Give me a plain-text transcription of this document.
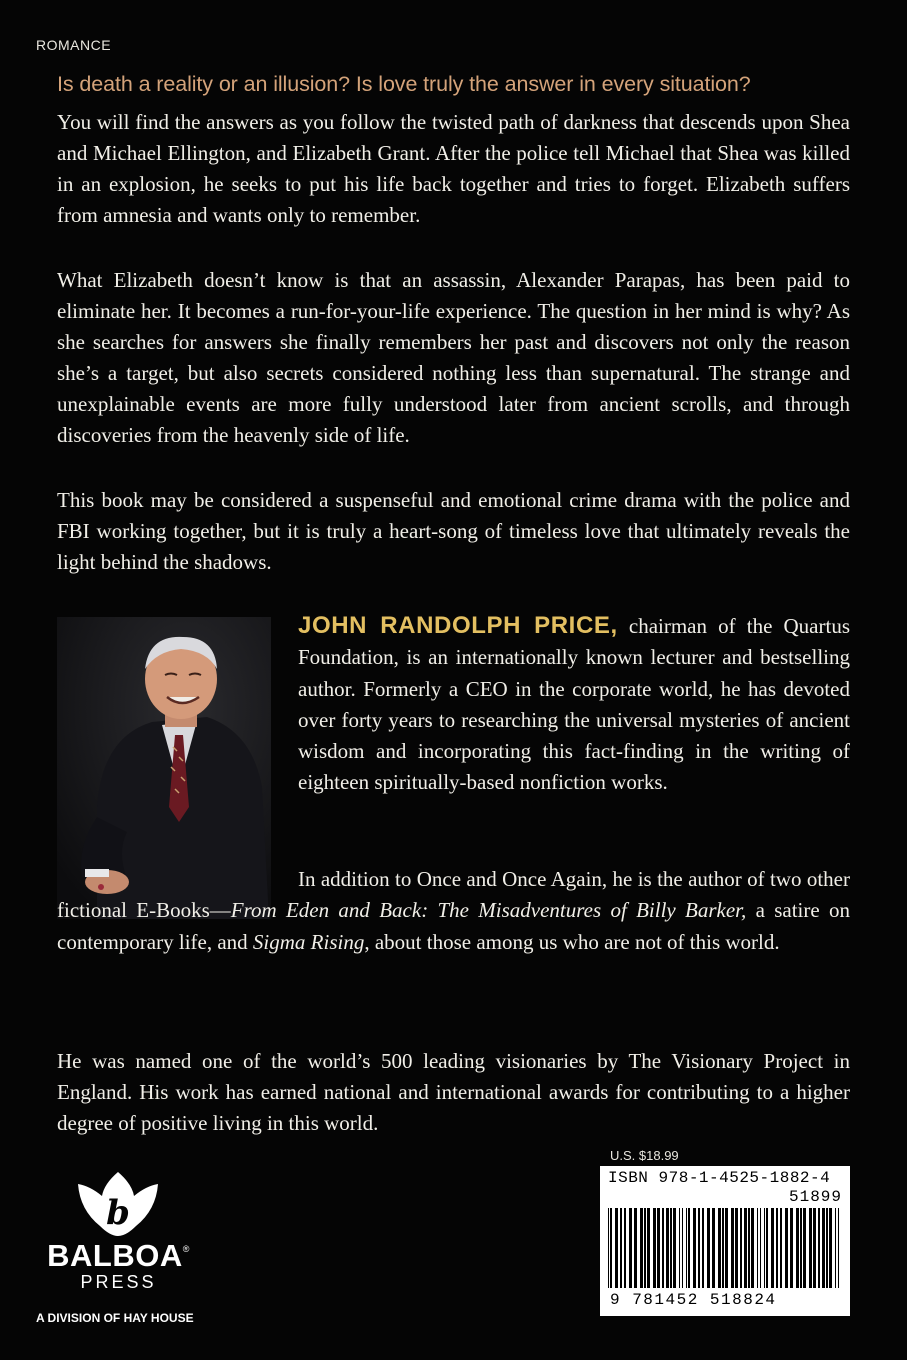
ROMANCE
Is death a reality or an illusion? Is love truly the answer in every situation?
You will find the answers as you follow the twisted path of darkness that descends upon Shea and Michael Ellington, and Elizabeth Grant. After the police tell Michael that Shea was killed in an explosion, he seeks to put his life back together and tries to forget. Elizabeth suffers from amnesia and wants only to remember.
What Elizabeth doesn’t know is that an assassin, Alexander Parapas, has been paid to eliminate her. It becomes a run-for-your-life experience. The question in her mind is why? As she searches for answers she finally remembers her past and discovers not only the reason she’s a target, but also secrets considered nothing less than supernatural. The strange and unexplainable events are more fully understood later from ancient scrolls, and through discoveries from the heavenly side of life.
This book may be considered a suspenseful and emotional crime drama with the police and FBI working together, but it is truly a heart-song of timeless love that ultimately reveals the light behind the shadows.
JOHN RANDOLPH PRICE, chairman of the Quartus Foundation, is an internationally known lecturer and bestselling author. Formerly a CEO in the corporate world, he has devoted over forty years to researching the universal mysteries of ancient wisdom and incorporating this fact-finding in the writing of eighteen spiritually-based nonfiction works.
In addition to Once and Once Again, he is the author of two other fictional E-Books—From Eden and Back: The Misadventures of Billy Barker, a satire on contemporary life, and Sigma Rising, about those among us who are not of this world.
He was named one of the world’s 500 leading visionaries by The Visionary Project in England. His work has earned national and international awards for contributing to a higher degree of positive living in this world.
U.S. $18.99
ISBN 978-1-4525-1882-4
51899
9 781452 518824
b
BALBOA®
PRESS
A DIVISION OF HAY HOUSE
